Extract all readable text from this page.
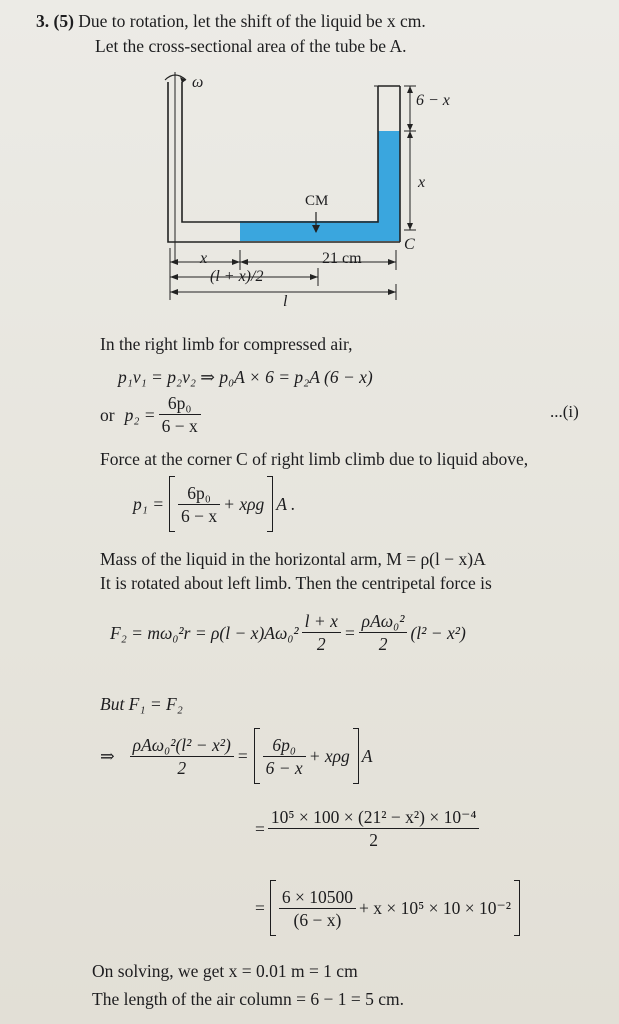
3. (5) Due to rotation, let the shift of the liquid be x cm.
Let the cross-sectional area of the tube be A.
ω
6 − x
x
CM
C
x	21 cm
(l + x)/2
l
In the right limb for compressed air,
p₁v₁ = p₂v₂ ⇒ p₀A × 6 = p₂A (6 − x)
or $p_2 = \frac{\text{6p₀}}{6 - x}$	...(i)
Force at the corner C of right limb climb due to liquid above,
$p_1 = \frac{\text{6p₀}}{6 - x} + x\rho g$ A .
Mass of the liquid in the horizontal arm, M = ρ(l − x)A
It is rotated about left limb. Then the centripetal force is
$F_2 = m\omega_0^2r = \rho(l - x)A\omega_0^2 \frac{l + x}{2} = \frac{\text{ρAω₀²}}{2} (l^2 - x^2)$
But F₁ = F₂
⇒ $\frac{\text{ρAω₀²(l² − x²)}}{2} = \frac{\text{6p₀}}{6 - x} + x\rho g$ A
= $\frac{\text{10⁵ × 100 × (21² − x²) × 10⁻⁴}}{2}$
= $\frac{6 \times 10500}{(6 - x)} + x \times 10^5 \times 10 \times 10^{-2}$
On solving, we get x = 0.01 m = 1 cm
The length of the air column = 6 − 1 = 5 cm.
